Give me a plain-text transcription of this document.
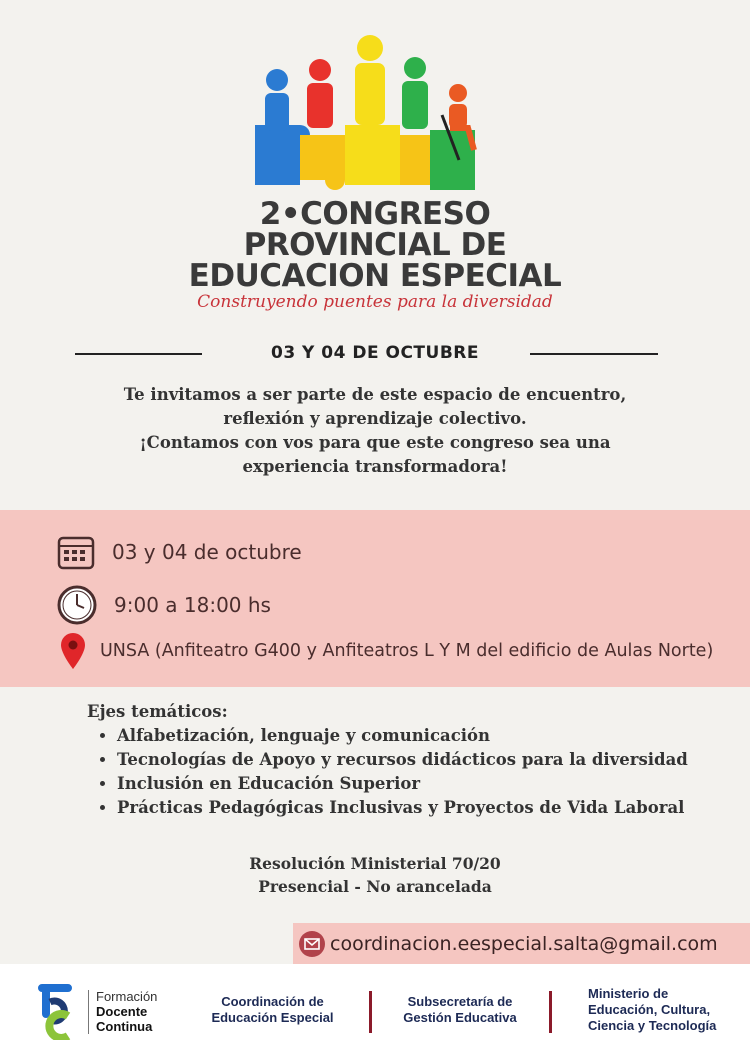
2•CONGRESO
PROVINCIAL DE
EDUCACION ESPECIAL
Construyendo puentes para la diversidad
03 Y 04 DE OCTUBRE
Te invitamos a ser parte de este espacio de encuentro,
reflexión y aprendizaje colectivo.
¡Contamos con vos para que este congreso sea una
experiencia transformadora!
03 y 04 de octubre
9:00 a 18:00 hs
UNSA (Anfiteatro G400 y Anfiteatros L Y M del edificio de Aulas Norte)
Ejes temáticos:
• Alfabetización, lenguaje y comunicación
• Tecnologías de Apoyo y recursos didácticos para la diversidad
• Inclusión en Educación Superior
• Prácticas Pedagógicas Inclusivas y Proyectos de Vida Laboral
Resolución Ministerial 70/20
Presencial - No arancelada
coordinacion.eespecial.salta@gmail.com
Formación
Docente
Continua
Coordinación de
Educación Especial
Subsecretaría de
Gestión Educativa
Ministerio de
Educación, Cultura,
Ciencia y Tecnología
